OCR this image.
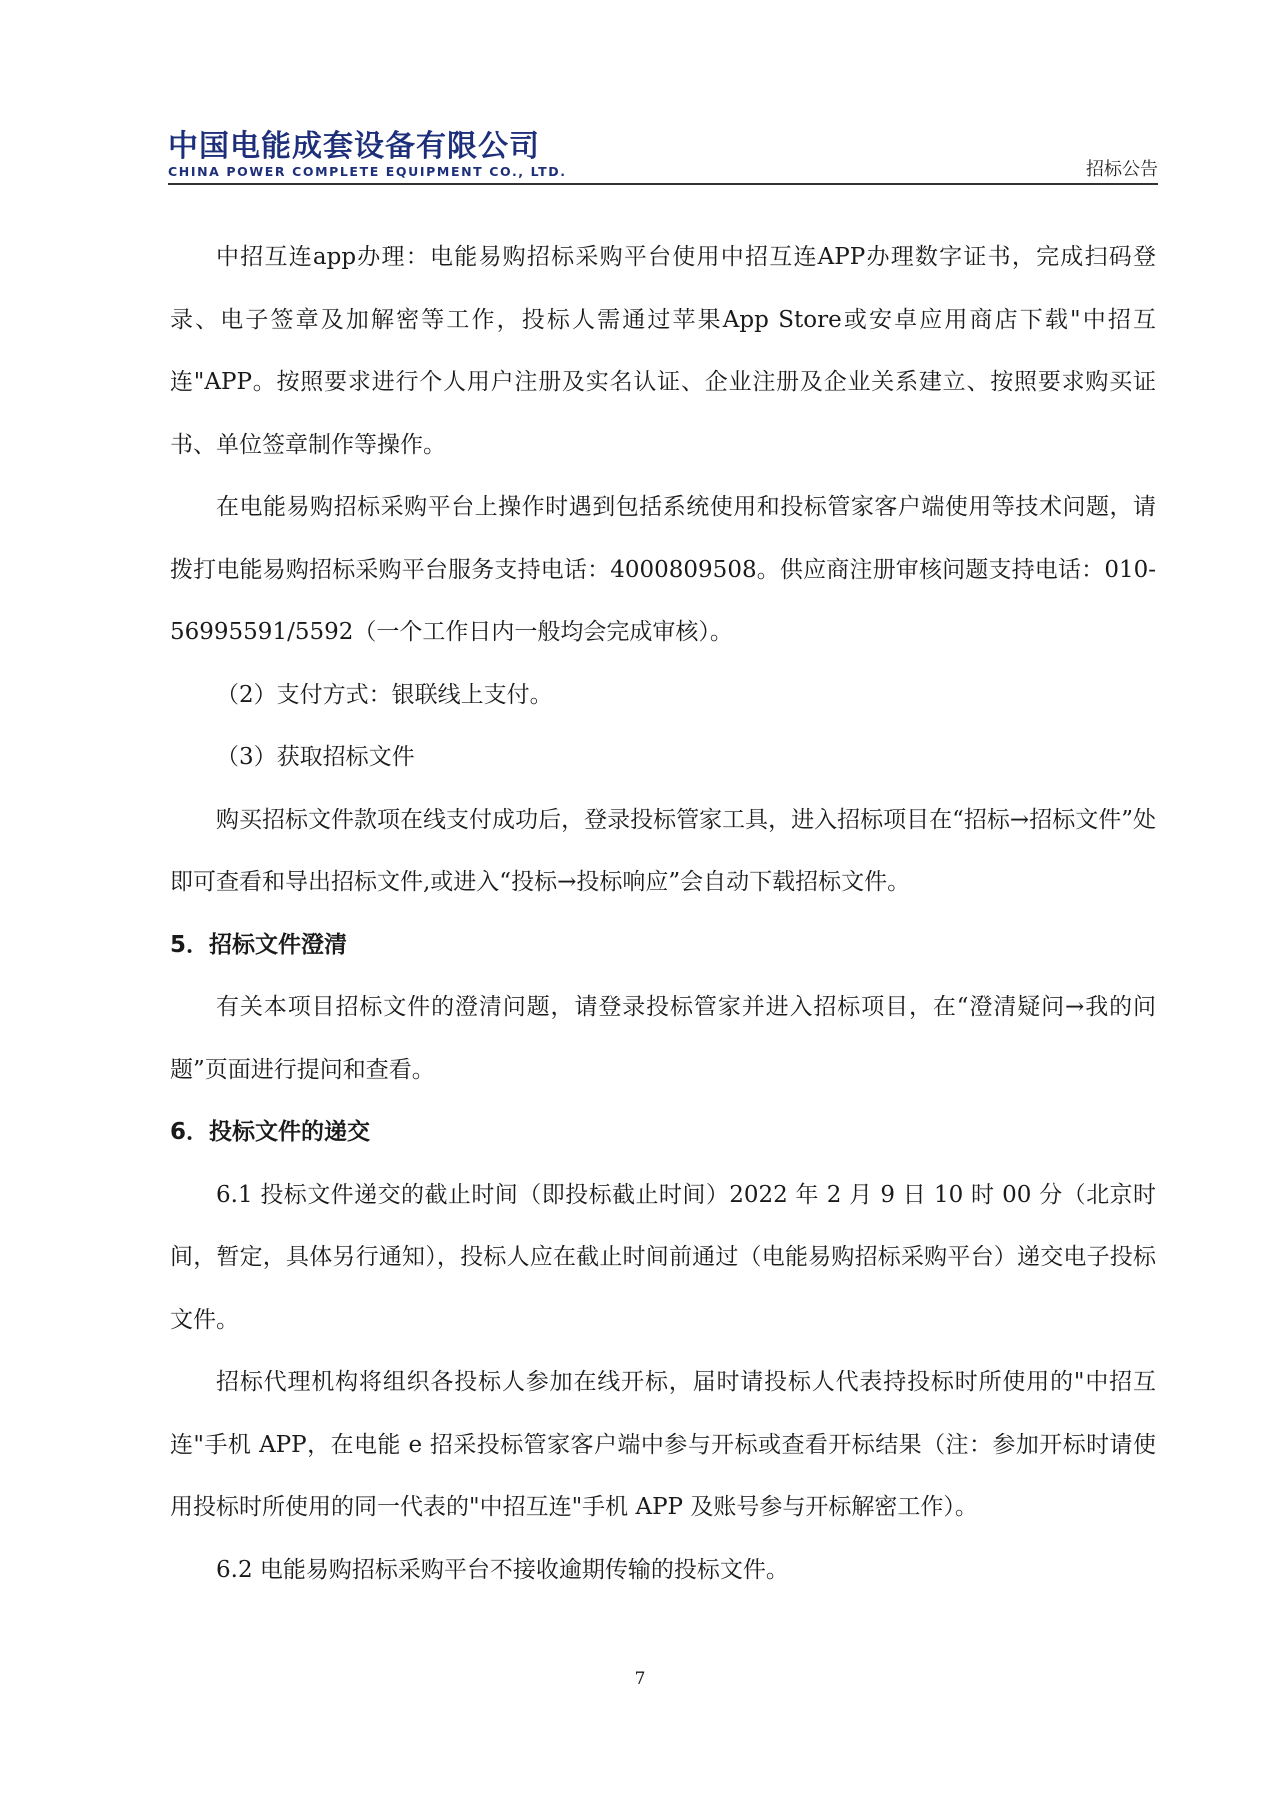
中国电能成套设备有限公司
CHINA POWER COMPLETE EQUIPMENT CO., LTD.	招标公告

中招互连app办理：电能易购招标采购平台使用中招互连APP办理数字证书，完成扫码登录、电子签章及加解密等工作，投标人需通过苹果App Store或安卓应用商店下载"中招互连"APP。按照要求进行个人用户注册及实名认证、企业注册及企业关系建立、按照要求购买证书、单位签章制作等操作。

在电能易购招标采购平台上操作时遇到包括系统使用和投标管家客户端使用等技术问题，请拨打电能易购招标采购平台服务支持电话：4000809508。供应商注册审核问题支持电话：010-56995591/5592（一个工作日内一般均会完成审核）。

（2）支付方式：银联线上支付。

（3）获取招标文件

购买招标文件款项在线支付成功后，登录投标管家工具，进入招标项目在“招标→招标文件”处即可查看和导出招标文件,或进入“投标→投标响应”会自动下载招标文件。

5．招标文件澄清

有关本项目招标文件的澄清问题，请登录投标管家并进入招标项目，在“澄清疑问→我的问题”页面进行提问和查看。

6．投标文件的递交

6.1 投标文件递交的截止时间（即投标截止时间）2022 年 2 月 9 日 10 时 00 分（北京时间，暂定，具体另行通知），投标人应在截止时间前通过（电能易购招标采购平台）递交电子投标文件。

招标代理机构将组织各投标人参加在线开标，届时请投标人代表持投标时所使用的"中招互连"手机 APP，在电能 e 招采投标管家客户端中参与开标或查看开标结果（注：参加开标时请使用投标时所使用的同一代表的"中招互连"手机 APP 及账号参与开标解密工作）。

6.2 电能易购招标采购平台不接收逾期传输的投标文件。

7
